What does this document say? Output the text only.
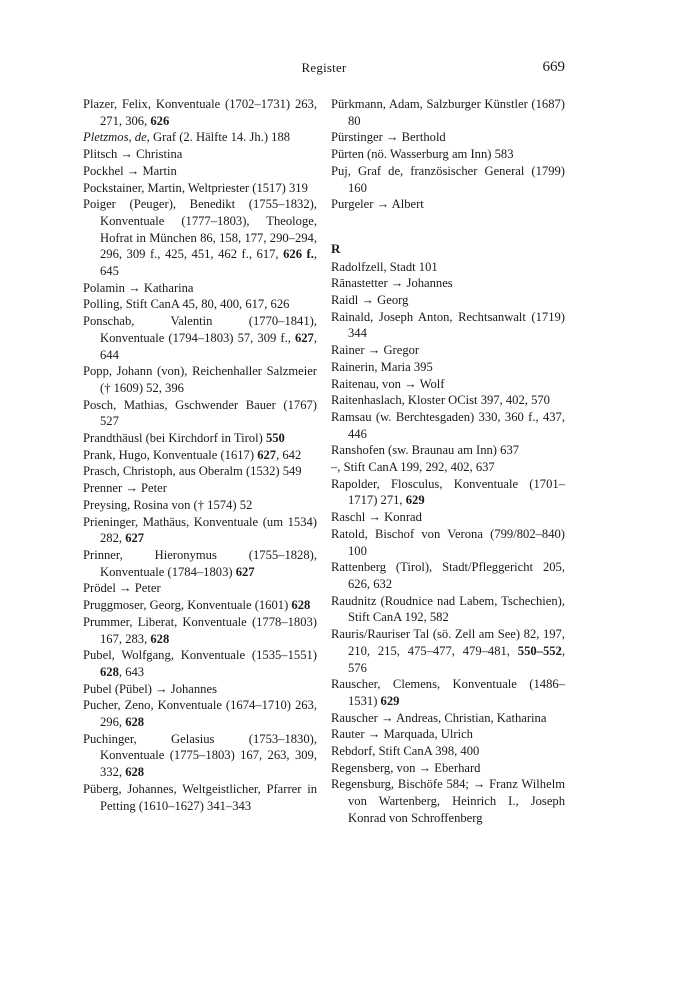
Register	669
Plazer, Felix, Konventuale (1702–1731) 263, 271, 306, 626
Pletzmos, de, Graf (2. Hälfte 14. Jh.) 188
Plitsch → Christina
Pockhel → Martin
Pockstainer, Martin, Weltpriester (1517) 319
Poiger (Peuger), Benedikt (1755–1832), Konventuale (1777–1803), Theologe, Hofrat in München 86, 158, 177, 290–294, 296, 309 f., 425, 451, 462 f., 617, 626 f., 645
Polamin → Katharina
Polling, Stift CanA 45, 80, 400, 617, 626
Ponschab, Valentin (1770–1841), Konventuale (1794–1803) 57, 309 f., 627, 644
Popp, Johann (von), Reichenhaller Salzmeier († 1609) 52, 396
Posch, Mathias, Gschwender Bauer (1767) 527
Prandthäusl (bei Kirchdorf in Tirol) 550
Prank, Hugo, Konventuale (1617) 627, 642
Prasch, Christoph, aus Oberalm (1532) 549
Prenner → Peter
Preysing, Rosina von († 1574) 52
Prieninger, Mathäus, Konventuale (um 1534) 282, 627
Prinner, Hieronymus (1755–1828), Konventuale (1784–1803) 627
Prödel → Peter
Pruggmoser, Georg, Konventuale (1601) 628
Prummer, Liberat, Konventuale (1778–1803) 167, 283, 628
Pubel, Wolfgang, Konventuale (1535–1551) 628, 643
Pubel (Pübel) → Johannes
Pucher, Zeno, Konventuale (1674–1710) 263, 296, 628
Puchinger, Gelasius (1753–1830), Konventuale (1775–1803) 167, 263, 309, 332, 628
Püberg, Johannes, Weltgeistlicher, Pfarrer in Petting (1610–1627) 341–343
Pürkmann, Adam, Salzburger Künstler (1687) 80
Pürstinger → Berthold
Pürten (nö. Wasserburg am Inn) 583
Puj, Graf de, französischer General (1799) 160
Purgeler → Albert
R
Radolfzell, Stadt 101
Rānastetter → Johannes
Raidl → Georg
Rainald, Joseph Anton, Rechtsanwalt (1719) 344
Rainer → Gregor
Rainerin, Maria 395
Raitenau, von → Wolf
Raitenhaslach, Kloster OCist 397, 402, 570
Ramsau (w. Berchtesgaden) 330, 360 f., 437, 446
Ranshofen (sw. Braunau am Inn) 637
–, Stift CanA 199, 292, 402, 637
Rapolder, Flosculus, Konventuale (1701–1717) 271, 629
Raschl → Konrad
Ratold, Bischof von Verona (799/802–840) 100
Rattenberg (Tirol), Stadt/Pfleggericht 205, 626, 632
Raudnitz (Roudnice nad Labem, Tschechien), Stift CanA 192, 582
Rauris/Rauriser Tal (sö. Zell am See) 82, 197, 210, 215, 475–477, 479–481, 550–552, 576
Rauscher, Clemens, Konventuale (1486–1531) 629
Rauscher → Andreas, Christian, Katharina
Rauter → Marquada, Ulrich
Rebdorf, Stift CanA 398, 400
Regensberg, von → Eberhard
Regensburg, Bischöfe 584; → Franz Wilhelm von Wartenberg, Heinrich I., Joseph Konrad von Schroffenberg
